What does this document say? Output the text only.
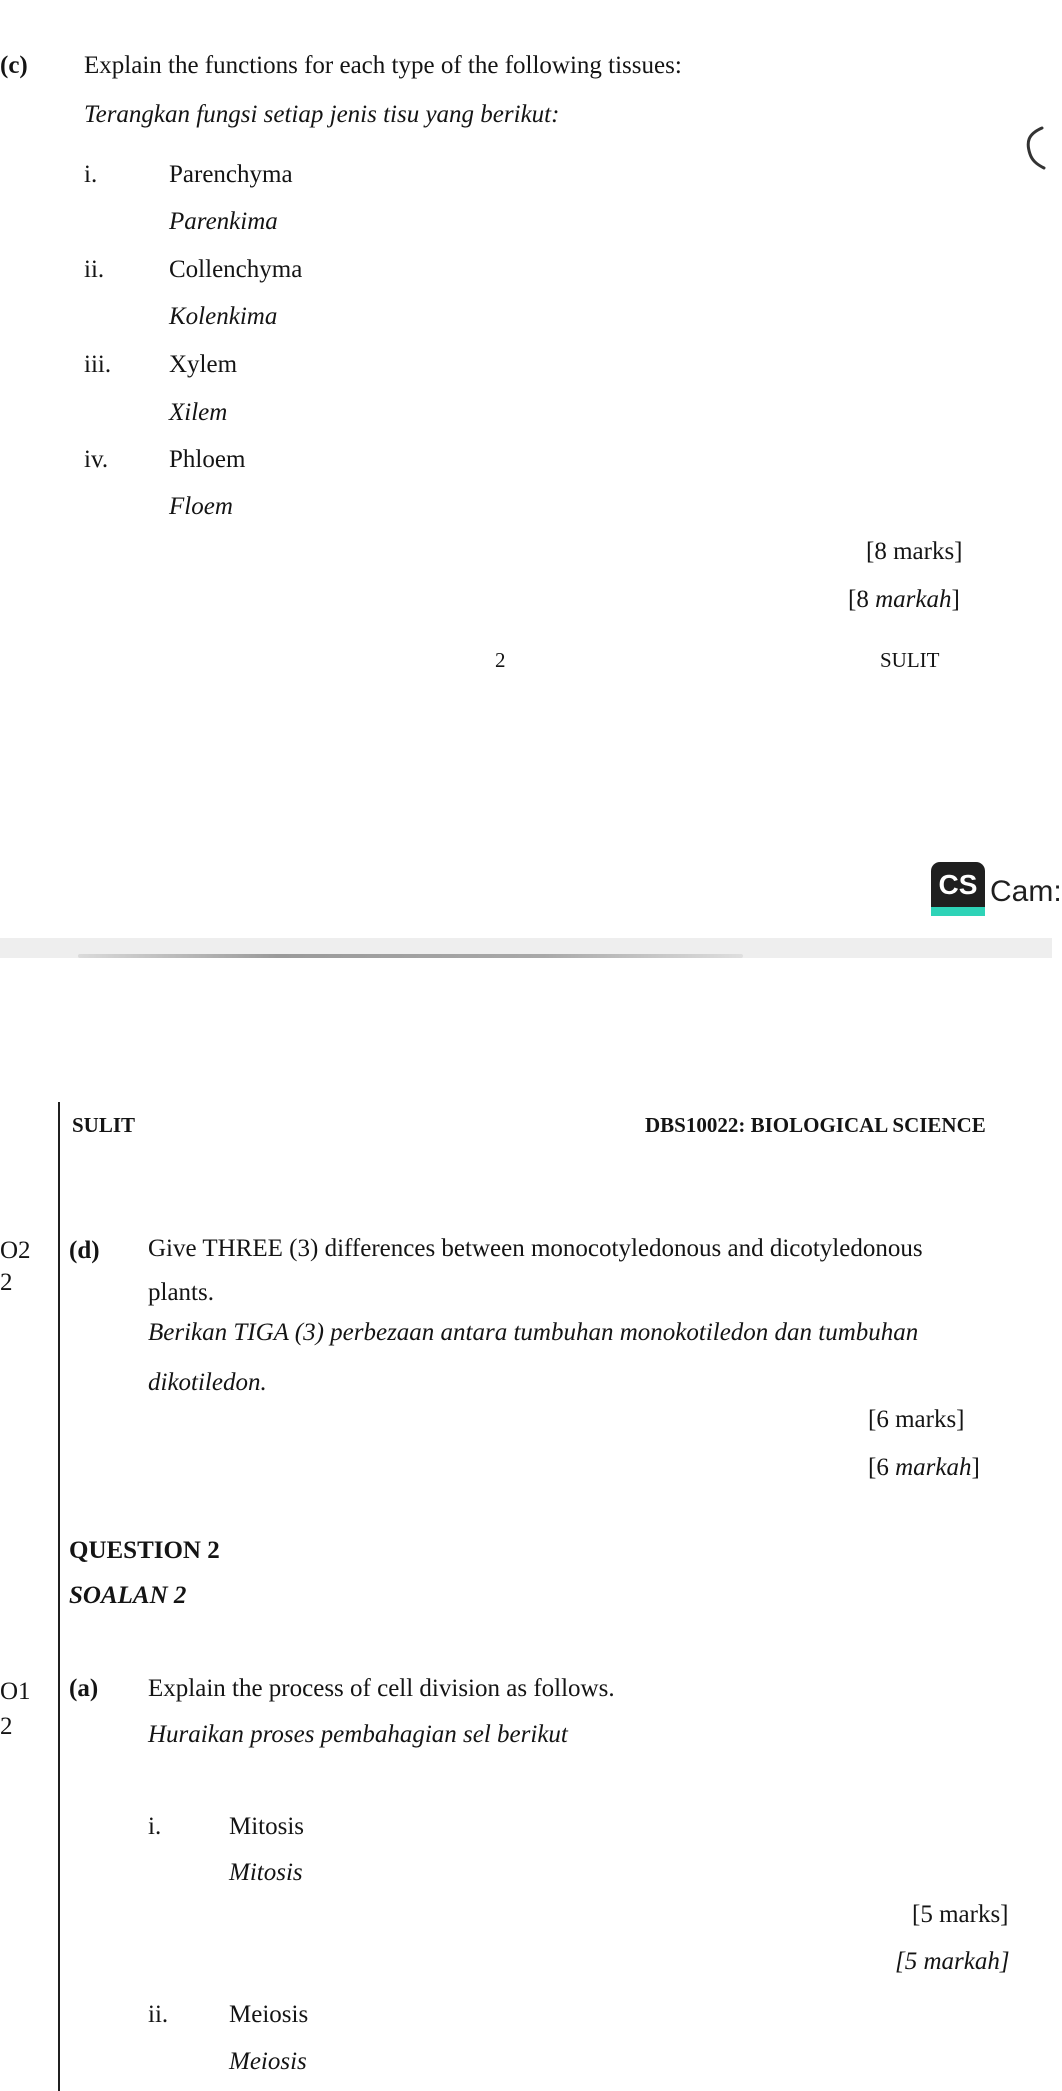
(c) Explain the functions for each type of the following tissues:
Terangkan fungsi setiap jenis tisu yang berikut:
i.	Parenchyma
Parenkima
ii.	Collenchyma
Kolenkima
iii. Xylem
Xilem
iv. Phloem
Floem
[8 marks]
[8 markah]
2	SULIT
CS Cam:
SULIT	DBS10022: BIOLOGICAL SCIENCE
O2
2
(d) Give THREE (3) differences between monocotyledonous and dicotyledonous
plants.
Berikan TIGA (3) perbezaan antara tumbuhan monokotiledon dan tumbuhan
dikotiledon.
[6 marks]
[6 markah]
QUESTION 2
SOALAN 2
O1
2
(a) Explain the process of cell division as follows.
Huraikan proses pembahagian sel berikut
i.	Mitosis
Mitosis
[5 marks]
[5 markah]
ii. Meiosis
Meiosis
